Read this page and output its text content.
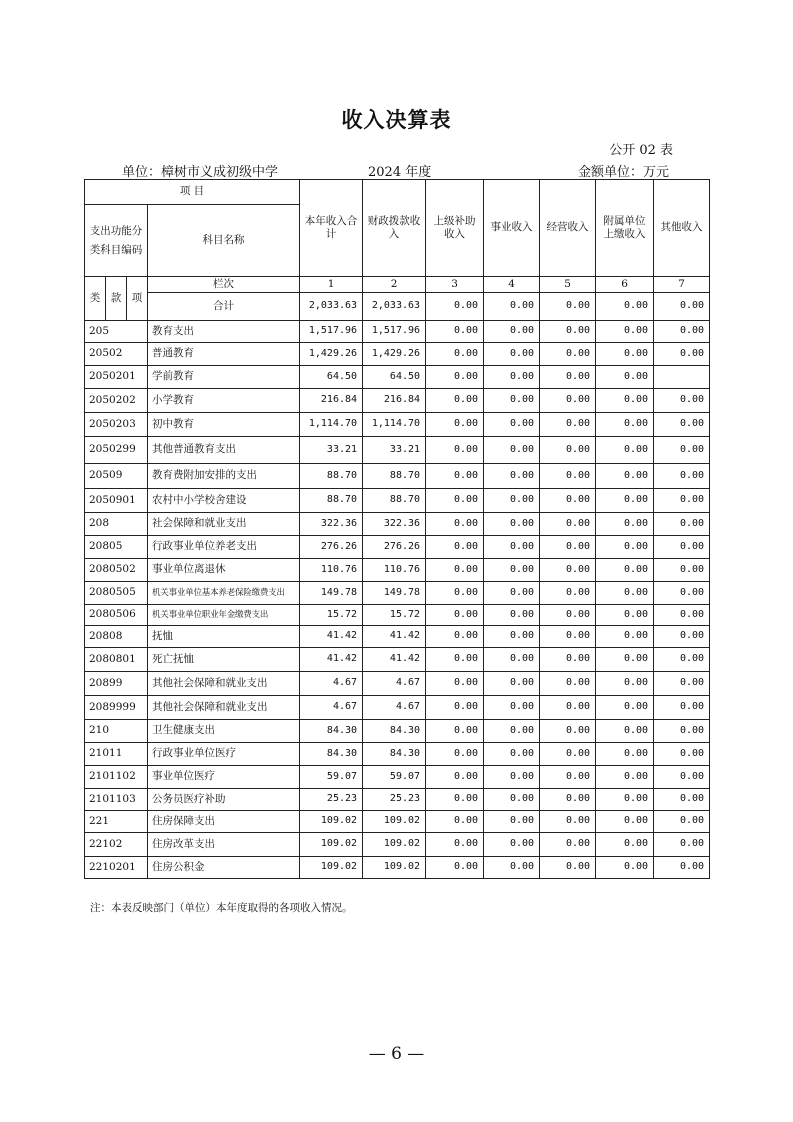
收入决算表
公开 02 表
单位：樟树市义成初级中学	2024 年度	金额单位：万元
项 目				本年收入合计	财政拨款收入	上级补助收入	事业收入	经营收入	附属单位上缴收入	其他收入
支出功能分类科目编码			科目名称							

类	款	项	栏次	1	2	3	4	5	6	7
			合计	2,033.63	2,033.63	0.00	0.00	0.00	0.00	0.00
205			教育支出	1,517.96	1,517.96	0.00	0.00	0.00	0.00	0.00
20502			普通教育	1,429.26	1,429.26	0.00	0.00	0.00	0.00	0.00
2050201			学前教育	64.50	64.50	0.00	0.00	0.00	0.00	
2050202			小学教育	216.84	216.84	0.00	0.00	0.00	0.00	0.00
2050203			初中教育	1,114.70	1,114.70	0.00	0.00	0.00	0.00	0.00
2050299			其他普通教育支出	33.21	33.21	0.00	0.00	0.00	0.00	0.00
20509			教育费附加安排的支出	88.70	88.70	0.00	0.00	0.00	0.00	0.00
2050901			农村中小学校舍建设	88.70	88.70	0.00	0.00	0.00	0.00	0.00
208			社会保障和就业支出	322.36	322.36	0.00	0.00	0.00	0.00	0.00
20805			行政事业单位养老支出	276.26	276.26	0.00	0.00	0.00	0.00	0.00
2080502			事业单位离退休	110.76	110.76	0.00	0.00	0.00	0.00	0.00
2080505			机关事业单位基本养老保险缴费支出	149.78	149.78	0.00	0.00	0.00	0.00	0.00
2080506			机关事业单位职业年金缴费支出	15.72	15.72	0.00	0.00	0.00	0.00	0.00
20808			抚恤	41.42	41.42	0.00	0.00	0.00	0.00	0.00
2080801			死亡抚恤	41.42	41.42	0.00	0.00	0.00	0.00	0.00
20899			其他社会保障和就业支出	4.67	4.67	0.00	0.00	0.00	0.00	0.00
2089999			其他社会保障和就业支出	4.67	4.67	0.00	0.00	0.00	0.00	0.00
210			卫生健康支出	84.30	84.30	0.00	0.00	0.00	0.00	0.00
21011			行政事业单位医疗	84.30	84.30	0.00	0.00	0.00	0.00	0.00
2101102			事业单位医疗	59.07	59.07	0.00	0.00	0.00	0.00	0.00
2101103			公务员医疗补助	25.23	25.23	0.00	0.00	0.00	0.00	0.00
221			住房保障支出	109.02	109.02	0.00	0.00	0.00	0.00	0.00
22102			住房改革支出	109.02	109.02	0.00	0.00	0.00	0.00	0.00
2210201			住房公积金	109.02	109.02	0.00	0.00	0.00	0.00	0.00
注：本表反映部门（单位）本年度取得的各项收入情况。
— 6 —
